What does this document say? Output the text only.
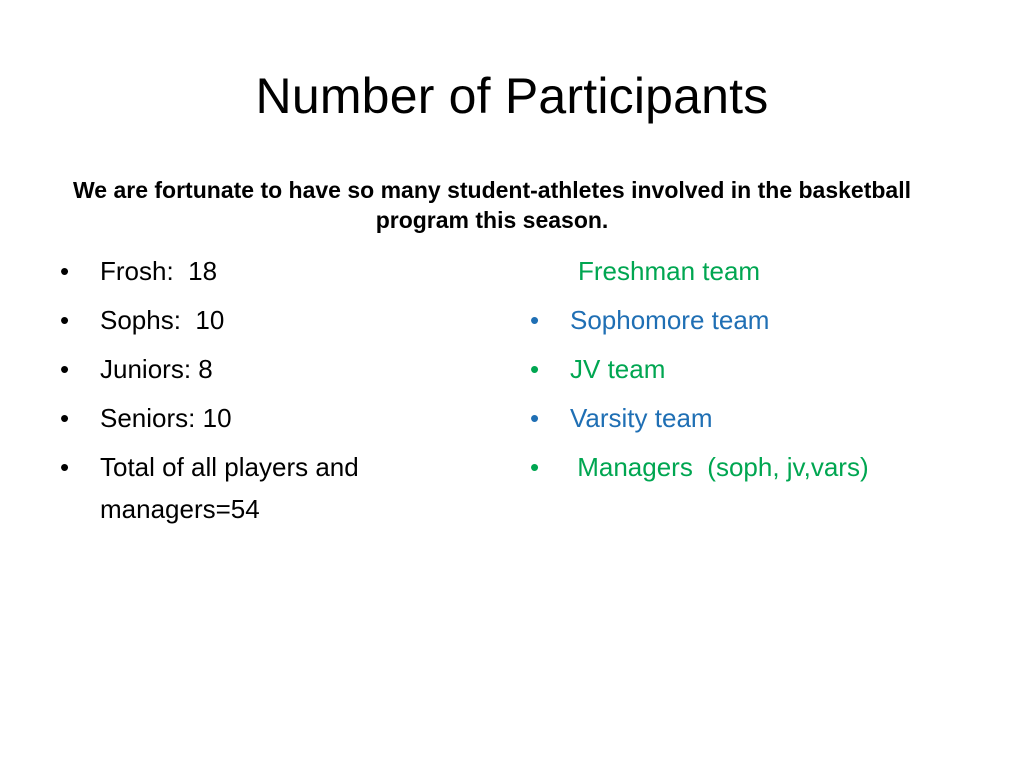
Number of Participants
We are fortunate to have so many student-athletes involved in the basketball program this season.
•	Frosh:  18
•	Sophs:  10
•	Juniors: 8
•	Seniors: 10
•	Total of all players and managers=54
Freshman team
•	Sophomore team
•	JV team
•	Varsity team
•	Managers  (soph, jv,vars)
